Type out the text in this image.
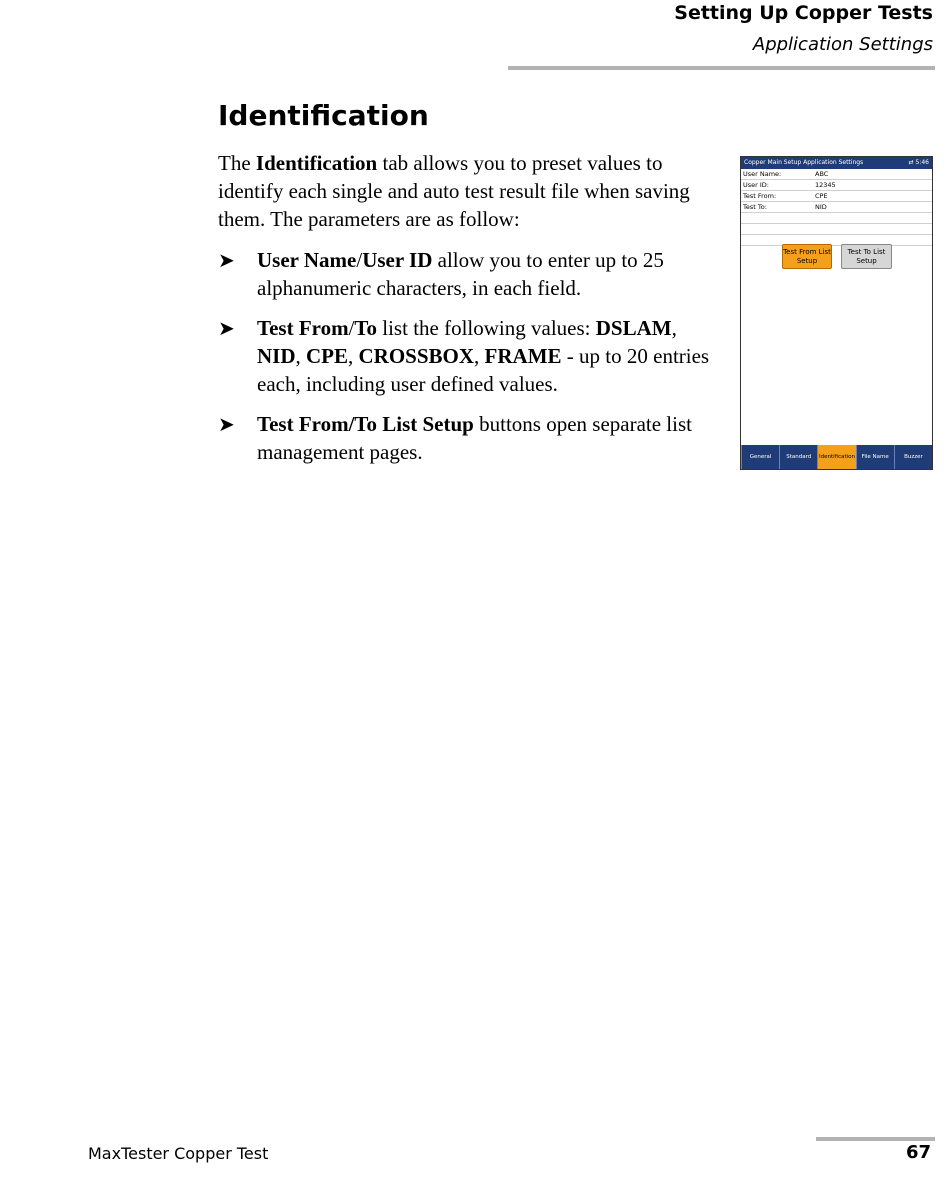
Setting Up Copper Tests
Application Settings
Identification

The Identification tab allows you to preset values to identify each single and auto test result file when saving them. The parameters are as follow:

➤ User Name/User ID allow you to enter up to 25 alphanumeric characters, in each field.
➤ Test From/To list the following values: DSLAM, NID, CPE, CROSSBOX, FRAME - up to 20 entries each, including user defined values.
➤ Test From/To List Setup buttons open separate list management pages.
Copper Main Setup Application Settings	⇄ 5:46
User Name:	ABC
User ID:	12345
Test From:	CPE
Test To:	NID
Test From List Setup
Test To List Setup
General	Standard	Identification	File Name	Buzzer
MaxTester Copper Test	67
